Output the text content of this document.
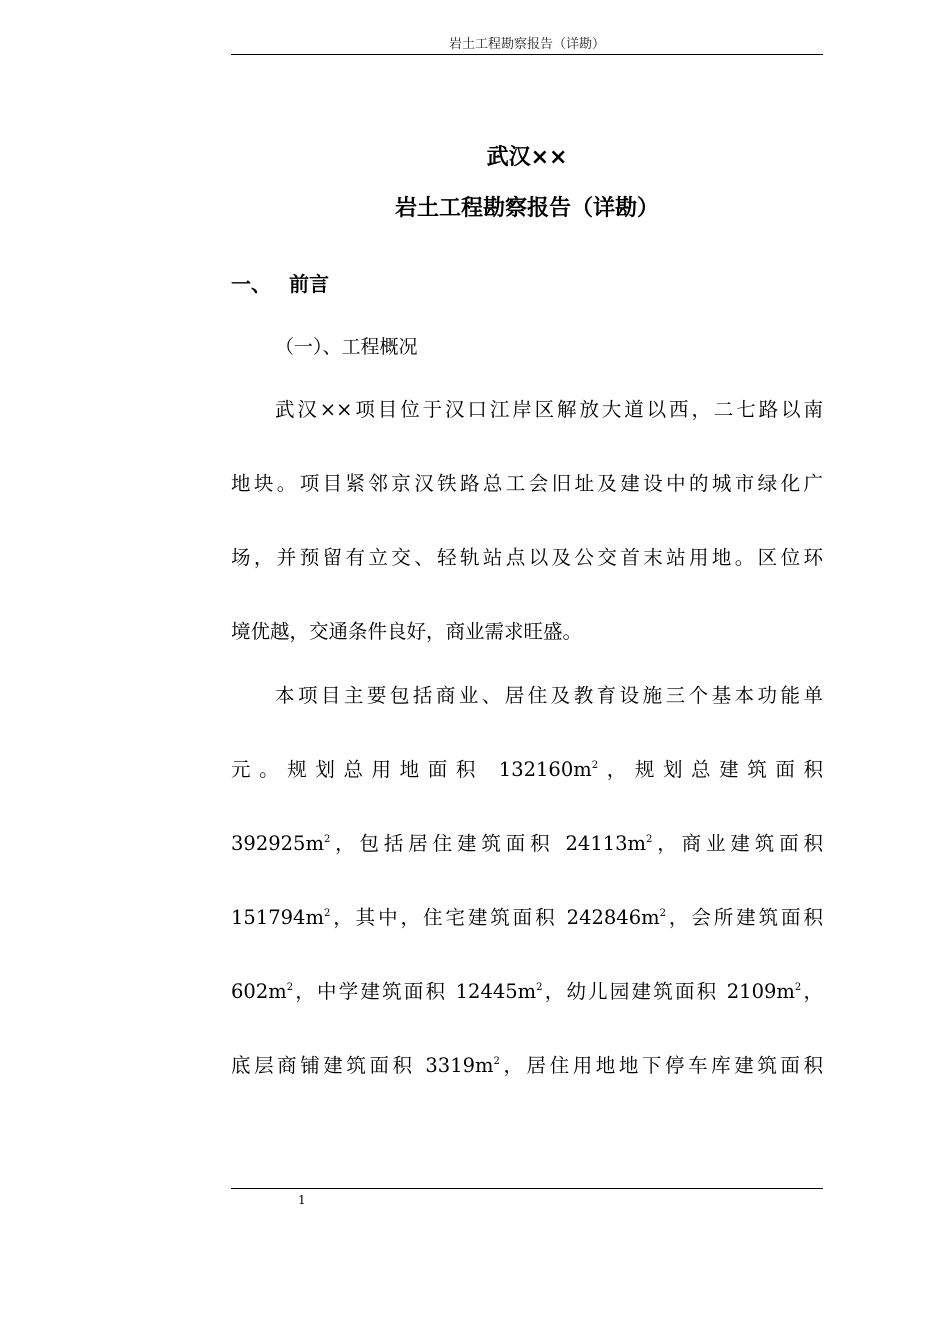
岩土工程勘察报告（详勘）
武汉××
岩土工程勘察报告（详勘）
一、 前言
（一）、工程概况
武汉××项目位于汉口江岸区解放大道以西，二七路以南
地块。项目紧邻京汉铁路总工会旧址及建设中的城市绿化广
场，并预留有立交、轻轨站点以及公交首末站用地。区位环
境优越，交通条件良好，商业需求旺盛。
本项目主要包括商业、居住及教育设施三个基本功能单
元。规划总用地面积 $132160m^2$，规划总建筑面积
$392925m^2$，包括居住建筑面积 $24113m^2$，商业建筑面积
$151794m^2$，其中，住宅建筑面积 $242846m^2$，会所建筑面积
$602m^2$，中学建筑面积 $12445m^2$，幼儿园建筑面积 $2109m^2$，
底层商铺建筑面积 $3319m^2$，居住用地地下停车库建筑面积
1
